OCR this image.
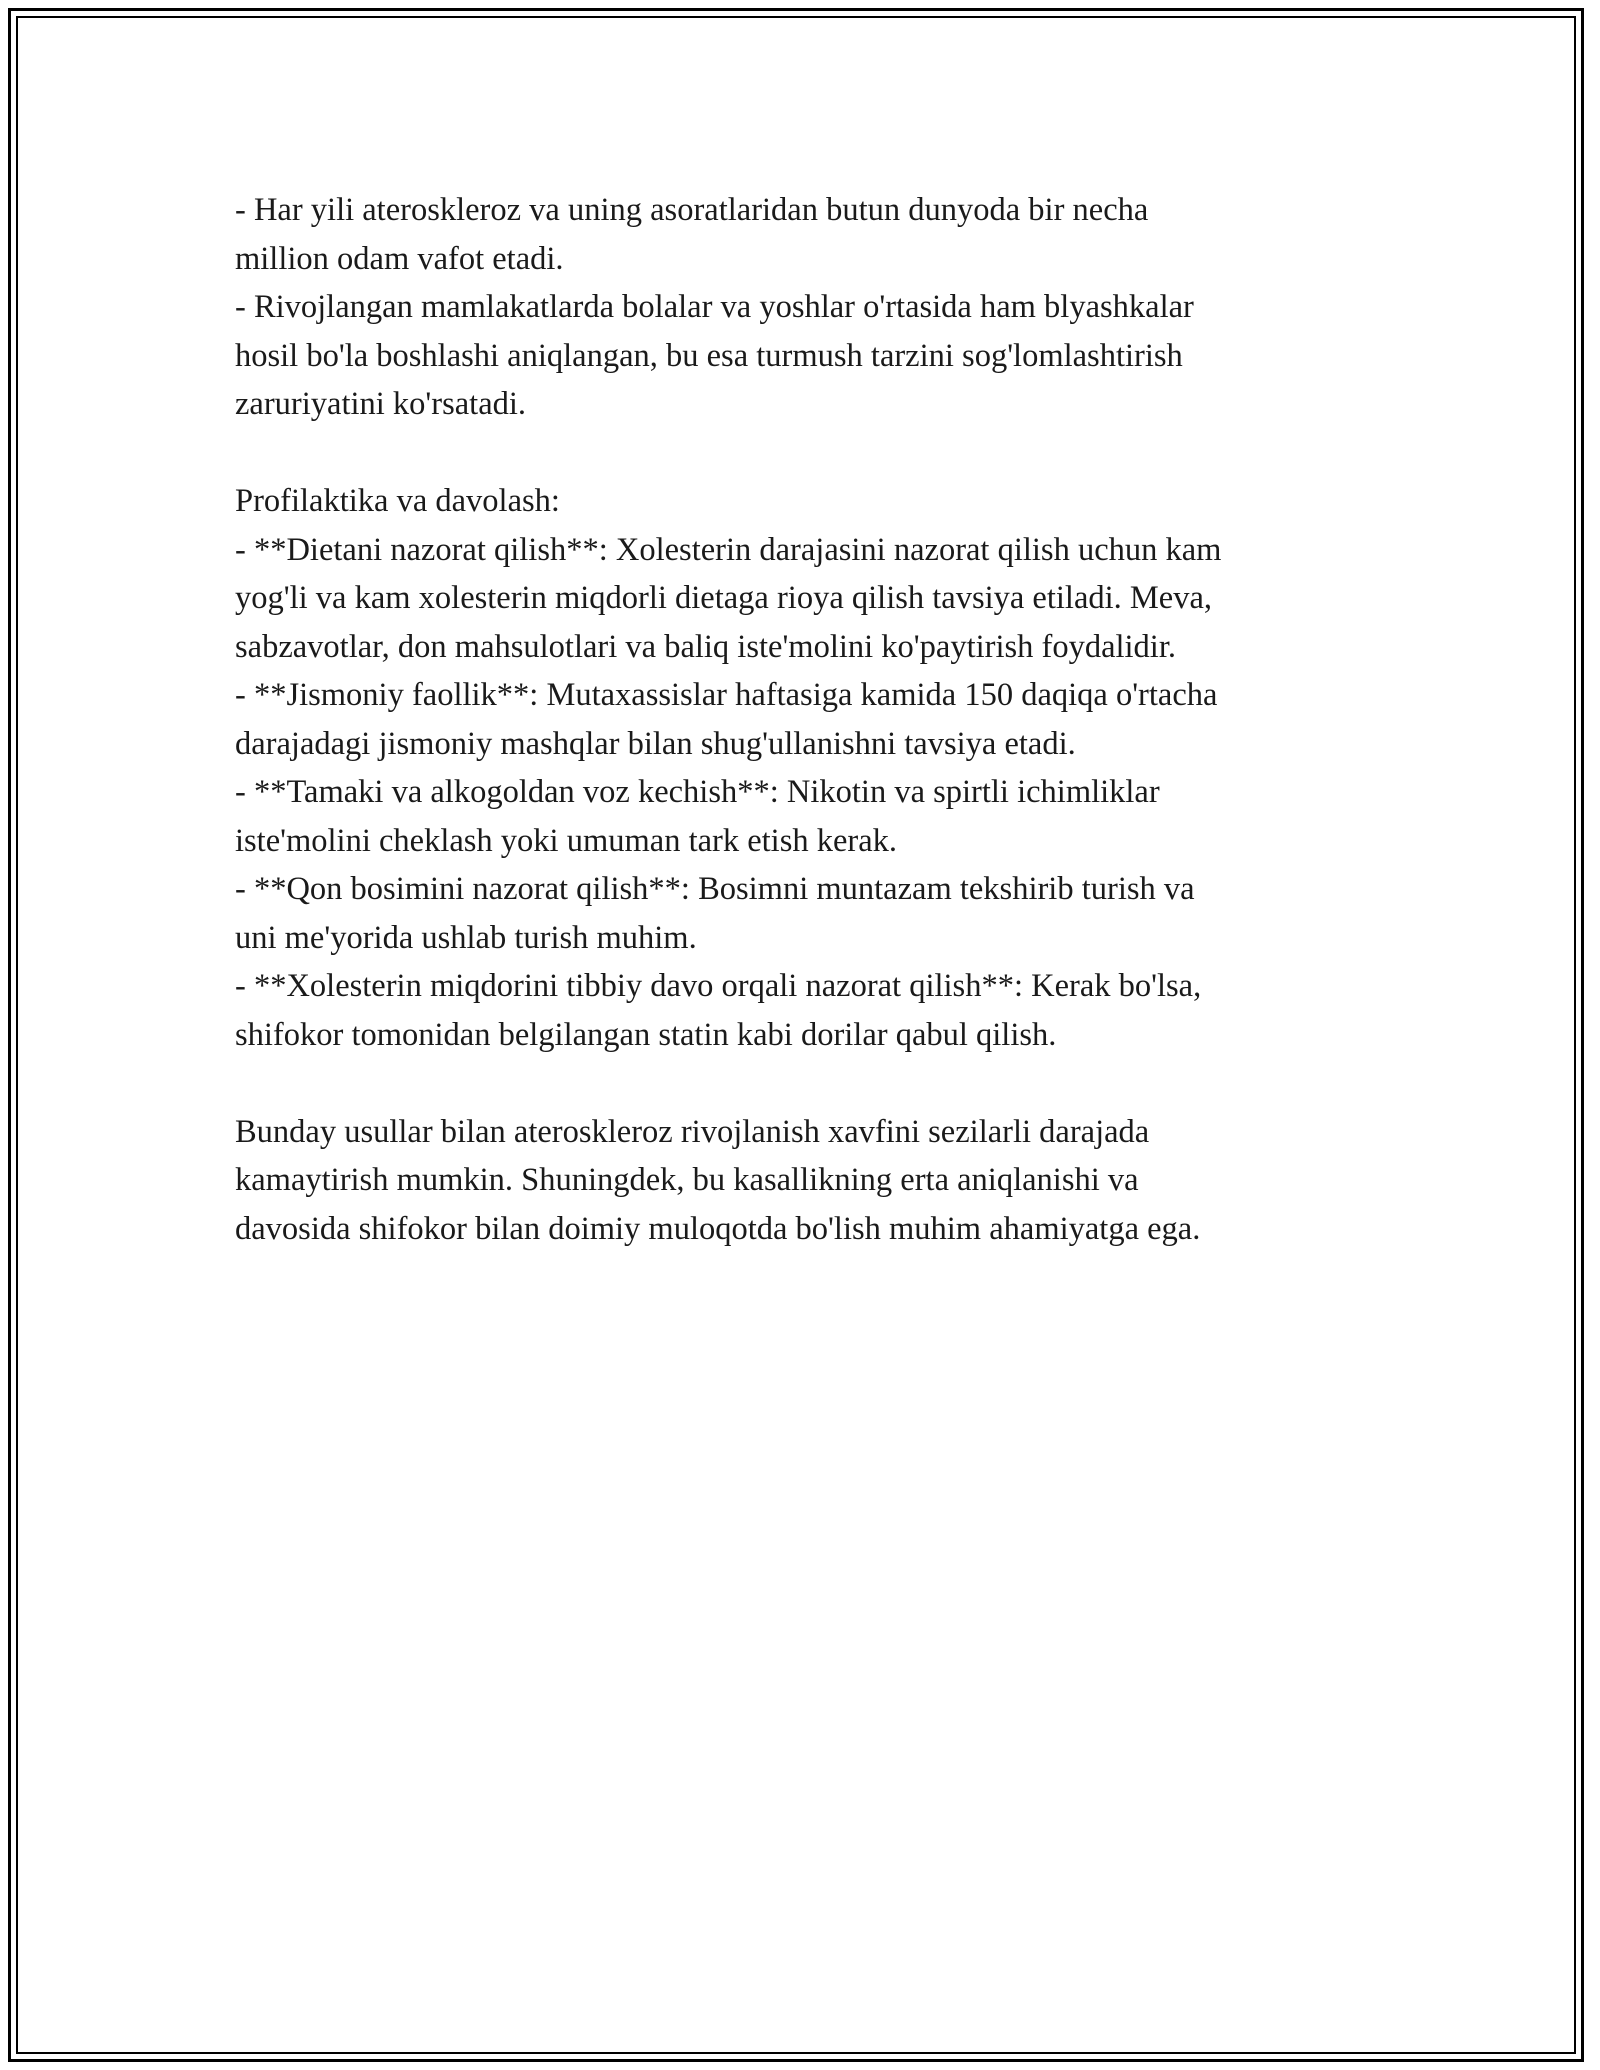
- Har yili ateroskleroz va uning asoratlaridan butun dunyoda bir necha
million odam vafot etadi.
- Rivojlangan mamlakatlarda bolalar va yoshlar o'rtasida ham blyashkalar
hosil bo'la boshlashi aniqlangan, bu esa turmush tarzini sog'lomlashtirish
zaruriyatini ko'rsatadi.
Profilaktika va davolash:
- **Dietani nazorat qilish**: Xolesterin darajasini nazorat qilish uchun kam
yog'li va kam xolesterin miqdorli dietaga rioya qilish tavsiya etiladi. Meva,
sabzavotlar, don mahsulotlari va baliq iste'molini ko'paytirish foydalidir.
- **Jismoniy faollik**: Mutaxassislar haftasiga kamida 150 daqiqa o'rtacha
darajadagi jismoniy mashqlar bilan shug'ullanishni tavsiya etadi.
- **Tamaki va alkogoldan voz kechish**: Nikotin va spirtli ichimliklar
iste'molini cheklash yoki umuman tark etish kerak.
- **Qon bosimini nazorat qilish**: Bosimni muntazam tekshirib turish va
uni me'yorida ushlab turish muhim.
- **Xolesterin miqdorini tibbiy davo orqali nazorat qilish**: Kerak bo'lsa,
shifokor tomonidan belgilangan statin kabi dorilar qabul qilish.
Bunday usullar bilan ateroskleroz rivojlanish xavfini sezilarli darajada
kamaytirish mumkin. Shuningdek, bu kasallikning erta aniqlanishi va
davosida shifokor bilan doimiy muloqotda bo'lish muhim ahamiyatga ega.
